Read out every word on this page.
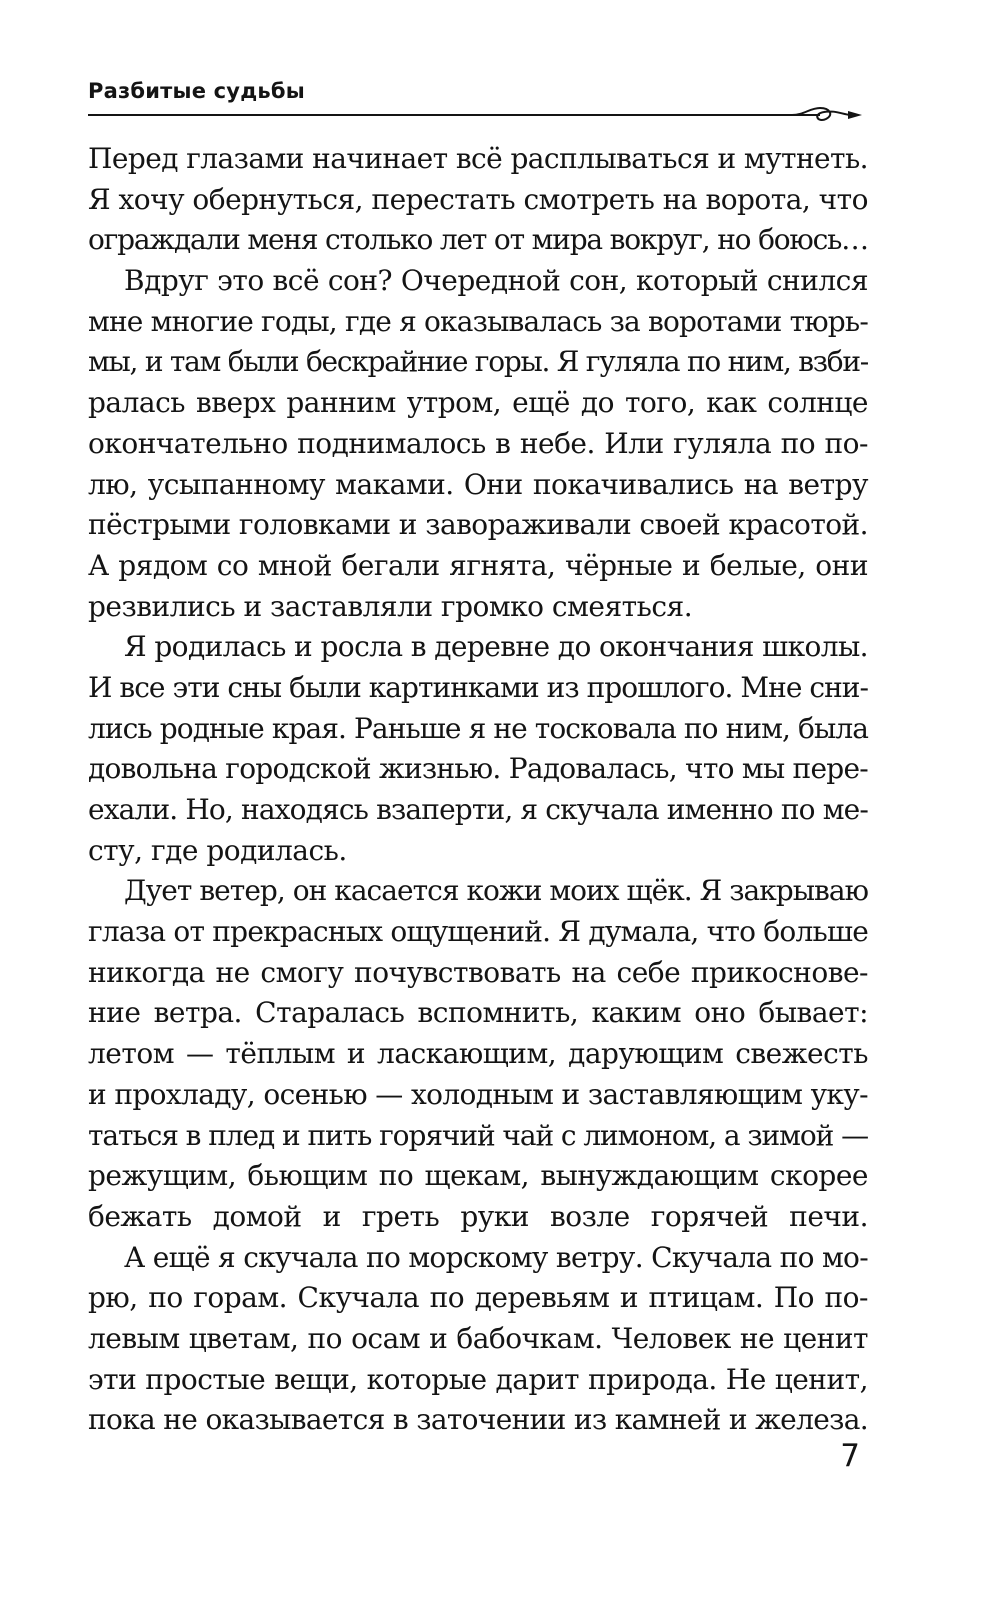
Разбитые судьбы
Перед глазами начинает всё расплываться и мутнеть.
Я хочу обернуться, перестать смотреть на ворота, что
ограждали меня столько лет от мира вокруг, но боюсь…
Вдруг это всё сон? Очередной сон, который снился
мне многие годы, где я оказывалась за воротами тюрь-
мы, и там были бескрайние горы. Я гуляла по ним, взби-
ралась вверх ранним утром, ещё до того, как солнце
окончательно поднималось в небе. Или гуляла по по-
лю, усыпанному маками. Они покачивались на ветру
пёстрыми головками и завораживали своей красотой.
А рядом со мной бегали ягнята, чёрные и белые, они
резвились и заставляли громко смеяться.
Я родилась и росла в деревне до окончания школы.
И все эти сны были картинками из прошлого. Мне сни-
лись родные края. Раньше я не тосковала по ним, была
довольна городской жизнью. Радовалась, что мы пере-
ехали. Но, находясь взаперти, я скучала именно по ме-
сту, где родилась.
Дует ветер, он касается кожи моих щёк. Я закрываю
глаза от прекрасных ощущений. Я думала, что больше
никогда не смогу почувствовать на себе прикоснове-
ние ветра. Старалась вспомнить, каким оно бывает:
летом — тёплым и ласкающим, дарующим свежесть
и прохладу, осенью — холодным и заставляющим уку-
таться в плед и пить горячий чай с лимоном, а зимой —
режущим, бьющим по щекам, вынуждающим скорее
бежать домой и греть руки возле горячей печи.
А ещё я скучала по морскому ветру. Скучала по мо-
рю, по горам. Скучала по деревьям и птицам. По по-
левым цветам, по осам и бабочкам. Человек не ценит
эти простые вещи, которые дарит природа. Не ценит,
пока не оказывается в заточении из камней и железа.
7
